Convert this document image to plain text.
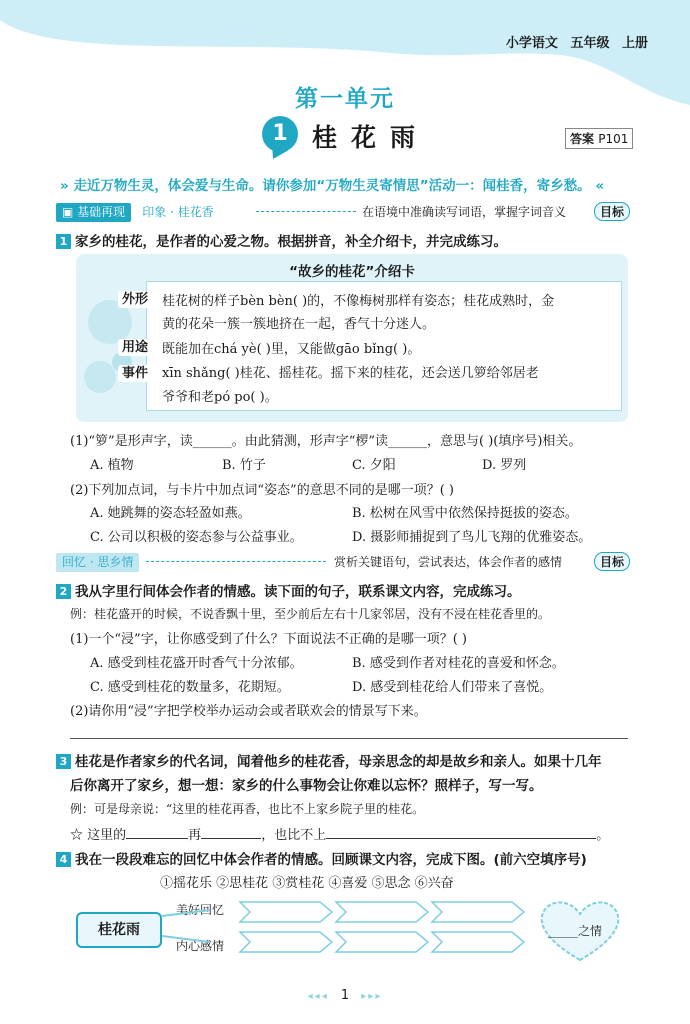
小学语文 五年级 上册
第一单元
1 桂花雨	答案 P101
» 走近万物生灵，体会爱与生命。请你参加“万物生灵寄情思”活动一：闻桂香，寄乡愁。 «
▣ 基础再现 印象 · 桂花香	在语境中准确读写词语，掌握字词音义	目标
1 家乡的桂花，是作者的心爱之物。根据拼音，补全介绍卡，并完成练习。
“故乡的桂花”介绍卡
外形	桂花树的样子bèn bèn( )的，不像梅树那样有姿态；桂花成熟时，金
黄的花朵一簇一簇地挤在一起，香气十分迷人。
用途	既能加在chá yè( )里，又能做gāo bǐng( )。
事件	xīn shǎng( )桂花、摇桂花。摇下来的桂花，还会送几箩给邻居老
爷爷和老pó po( )。
(1)“箩”是形声字，读______。由此猜测，形声字“椤”读______，意思与( )(填序号)相关。
A. 植物	B. 竹子	C. 夕阳	D. 罗列
(2)下列加点词，与卡片中加点词“姿态”的意思不同的是哪一项？( )
A. 她跳舞的姿态轻盈如燕。	B. 松树在风雪中依然保持挺拔的姿态。
C. 公司以积极的姿态参与公益事业。	D. 摄影师捕捉到了鸟儿飞翔的优雅姿态。
回忆 · 思乡情	赏析关键语句，尝试表达，体会作者的感情	目标
2 我从字里行间体会作者的情感。读下面的句子，联系课文内容，完成练习。
例：桂花盛开的时候，不说香飘十里，至少前后左右十几家邻居，没有不浸在桂花香里的。
(1)一个“浸”字，让你感受到了什么？下面说法不正确的是哪一项？( )
A. 感受到桂花盛开时香气十分浓郁。	B. 感受到作者对桂花的喜爱和怀念。
C. 感受到桂花的数量多，花期短。	D. 感受到桂花给人们带来了喜悦。
(2)请你用“浸”字把学校举办运动会或者联欢会的情景写下来。
3 桂花是作者家乡的代名词，闻着他乡的桂花香，母亲思念的却是故乡和亲人。如果十几年
后你离开了家乡，想一想：家乡的什么事物会让你难以忘怀？照样子，写一写。
例：可是母亲说：“这里的桂花再香，也比不上家乡院子里的桂花。
☆ 这里的	再	，也比不上	。
4 我在一段段难忘的回忆中体会作者的情感。回顾课文内容，完成下图。(前六空填序号)
①摇花乐 ②思桂花 ③赏桂花 ④喜爱 ⑤思念 ⑥兴奋
桂花雨
美好回忆
内心感情
_____之情
◂◂◂ 1 ▸▸▸
